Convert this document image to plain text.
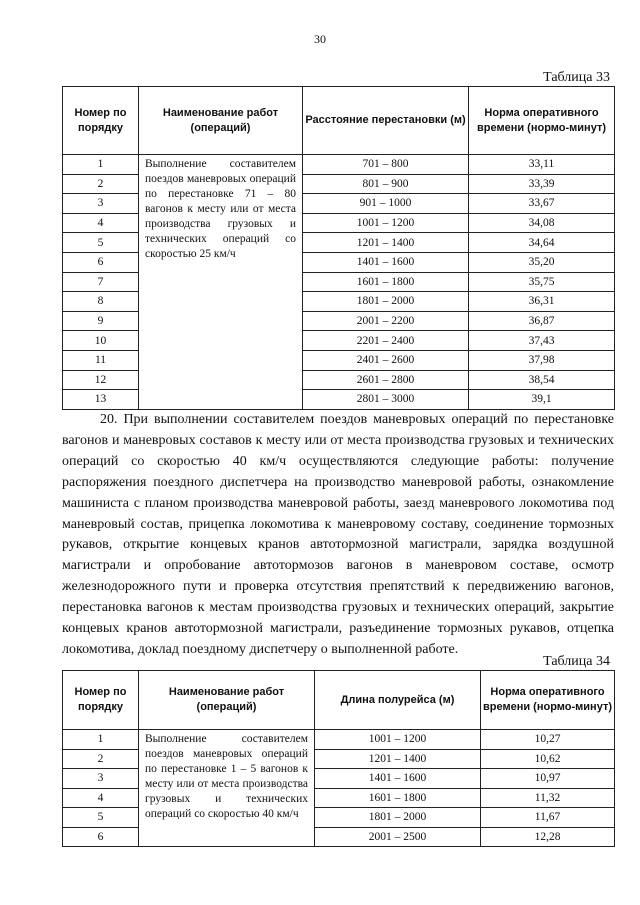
30
Таблица 33
Номер по порядку	Наименование работ (операций)	Расстояние перестановки (м)	Норма оперативного времени (нормо-минут)
1	Выполнение составителем поездов маневровых операций по перестановке 71 – 80 вагонов к месту или от места производства грузовых и технических операций со скоростью 25 км/ч	701 – 800	33,11
2		801 – 900	33,39
3		901 – 1000	33,67
4		1001 – 1200	34,08
5		1201 – 1400	34,64
6		1401 – 1600	35,20
7		1601 – 1800	35,75
8		1801 – 2000	36,31
9		2001 – 2200	36,87
10		2201 – 2400	37,43
11		2401 – 2600	37,98
12		2601 – 2800	38,54
13		2801 – 3000	39,1

20. При выполнении составителем поездов маневровых операций по перестановке вагонов и маневровых составов к месту или от места производства грузовых и технических операций со скоростью 40 км/ч осуществляются следующие работы: получение распоряжения поездного диспетчера на производство маневровой работы, ознакомление машиниста с планом производства маневровой работы, заезд маневрового локомотива под маневровый состав, прицепка локомотива к маневровому составу, соединение тормозных рукавов, открытие концевых кранов автотормозной магистрали, зарядка воздушной магистрали и опробование автотормозов вагонов в маневровом составе, осмотр железнодорожного пути и проверка отсутствия препятствий к передвижению вагонов, перестановка вагонов к местам производства грузовых и технических операций, закрытие концевых кранов автотормозной магистрали, разъединение тормозных рукавов, отцепка локомотива, доклад поездному диспетчеру о выполненной работе.

Таблица 34
Номер по порядку	Наименование работ (операций)	Длина полурейса (м)	Норма оперативного времени (нормо-минут)
1	Выполнение составителем поездов маневровых операций по перестановке 1 – 5 вагонов к месту или от места производства грузовых и технических операций со скоростью 40 км/ч	1001 – 1200	10,27
2		1201 – 1400	10,62
3		1401 – 1600	10,97
4		1601 – 1800	11,32
5		1801 – 2000	11,67
6		2001 – 2500	12,28
